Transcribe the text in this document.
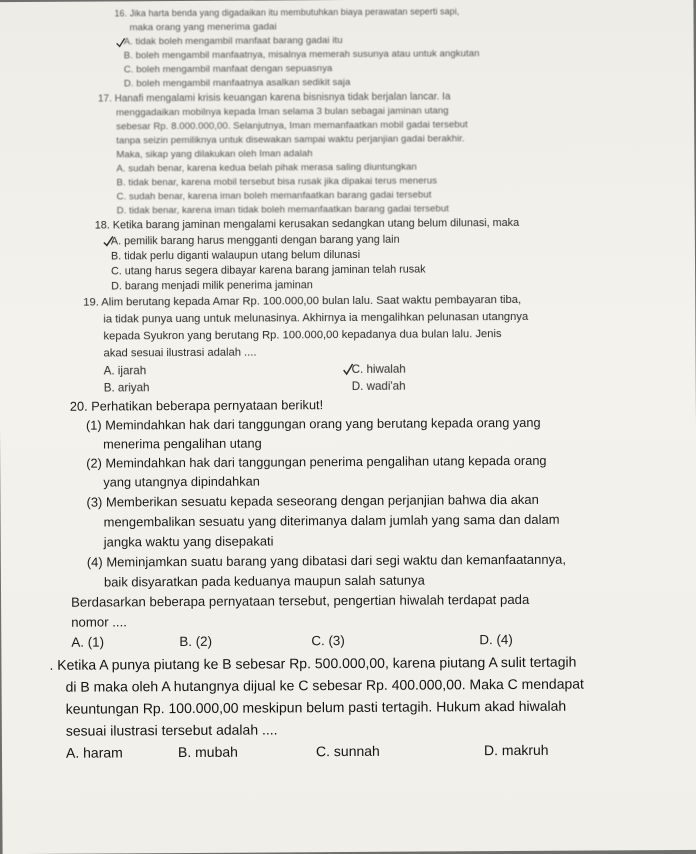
16. Jika harta benda yang digadaikan itu membutuhkan biaya perawatan seperti sapi,
maka orang yang menerima gadai
A. tidak boleh mengambil manfaat barang gadai itu
B. boleh mengambil manfaatnya, misalnya memerah susunya atau untuk angkutan
C. boleh mengambil manfaat dengan sepuasnya
D. boleh mengambil manfaatnya asalkan sedikit saja
17. Hanafi mengalami krisis keuangan karena bisnisnya tidak berjalan lancar. Ia
menggadaikan mobilnya kepada Iman selama 3 bulan sebagai jaminan utang
sebesar Rp. 8.000.000,00. Selanjutnya, Iman memanfaatkan mobil gadai tersebut
tanpa seizin pemiliknya untuk disewakan sampai waktu perjanjian gadai berakhir.
Maka, sikap yang dilakukan oleh Iman adalah
A. sudah benar, karena kedua belah pihak merasa saling diuntungkan
B. tidak benar, karena mobil tersebut bisa rusak jika dipakai terus menerus
C. sudah benar, karena iman boleh memanfaatkan barang gadai tersebut
D. tidak benar, karena iman tidak boleh memanfaatkan barang gadai tersebut
18. Ketika barang jaminan mengalami kerusakan sedangkan utang belum dilunasi, maka
A. pemilik barang harus mengganti dengan barang yang lain
B. tidak perlu diganti walaupun utang belum dilunasi
C. utang harus segera dibayar karena barang jaminan telah rusak
D. barang menjadi milik penerima jaminan
19. Alim berutang kepada Amar Rp. 100.000,00 bulan lalu. Saat waktu pembayaran tiba,
ia tidak punya uang untuk melunasinya. Akhirnya ia mengalihkan pelunasan utangnya
kepada Syukron yang berutang Rp. 100.000,00 kepadanya dua bulan lalu. Jenis
akad sesuai ilustrasi adalah ....
A. ijarah	C. hiwalah
B. ariyah	D. wadi'ah
20. Perhatikan beberapa pernyataan berikut!
(1) Memindahkan hak dari tanggungan orang yang berutang kepada orang yang
menerima pengalihan utang
(2) Memindahkan hak dari tanggungan penerima pengalihan utang kepada orang
yang utangnya dipindahkan
(3) Memberikan sesuatu kepada seseorang dengan perjanjian bahwa dia akan
mengembalikan sesuatu yang diterimanya dalam jumlah yang sama dan dalam
jangka waktu yang disepakati
(4) Meminjamkan suatu barang yang dibatasi dari segi waktu dan kemanfaatannya,
baik disyaratkan pada keduanya maupun salah satunya
Berdasarkan beberapa pernyataan tersebut, pengertian hiwalah terdapat pada
nomor ....
A. (1)	B. (2)	C. (3)	D. (4)
. Ketika A punya piutang ke B sebesar Rp. 500.000,00, karena piutang A sulit tertagih
di B maka oleh A hutangnya dijual ke C sebesar Rp. 400.000,00. Maka C mendapat
keuntungan Rp. 100.000,00 meskipun belum pasti tertagih. Hukum akad hiwalah
sesuai ilustrasi tersebut adalah ....
A. haram	B. mubah	C. sunnah	D. makruh
